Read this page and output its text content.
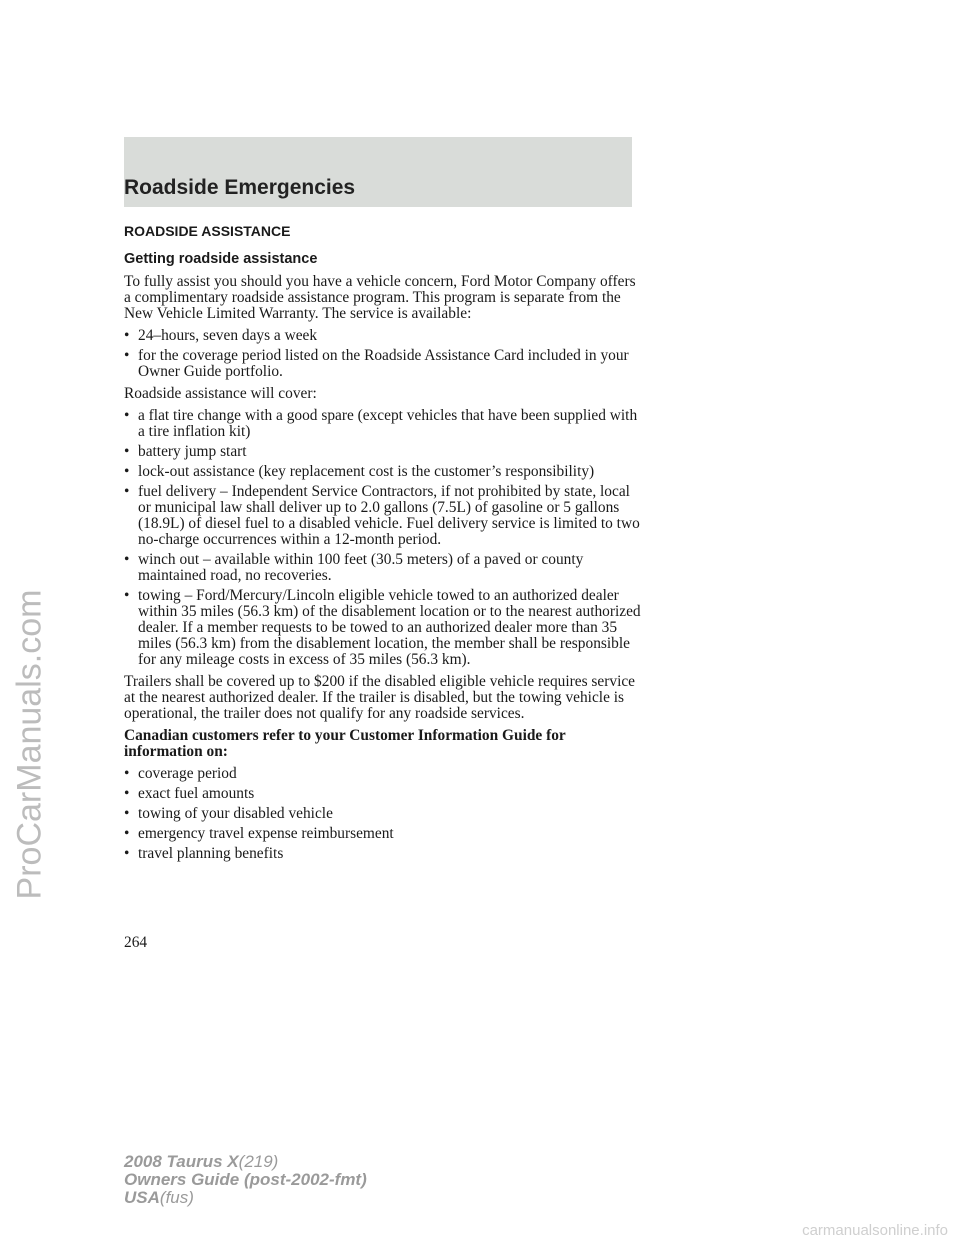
Roadside Emergencies
ROADSIDE ASSISTANCE
Getting roadside assistance

To fully assist you should you have a vehicle concern, Ford Motor Company offers a complimentary roadside assistance program. This program is separate from the New Vehicle Limited Warranty. The service is available:

• 24–hours, seven days a week
• for the coverage period listed on the Roadside Assistance Card included in your Owner Guide portfolio.

Roadside assistance will cover:

• a flat tire change with a good spare (except vehicles that have been supplied with a tire inflation kit)
• battery jump start
• lock-out assistance (key replacement cost is the customer’s responsibility)
• fuel delivery – Independent Service Contractors, if not prohibited by state, local or municipal law shall deliver up to 2.0 gallons (7.5L) of gasoline or 5 gallons (18.9L) of diesel fuel to a disabled vehicle. Fuel delivery service is limited to two no-charge occurrences within a 12-month period.
• winch out – available within 100 feet (30.5 meters) of a paved or county maintained road, no recoveries.
• towing – Ford/Mercury/Lincoln eligible vehicle towed to an authorized dealer within 35 miles (56.3 km) of the disablement location or to the nearest authorized dealer. If a member requests to be towed to an authorized dealer more than 35 miles (56.3 km) from the disablement location, the member shall be responsible for any mileage costs in excess of 35 miles (56.3 km).

Trailers shall be covered up to $200 if the disabled eligible vehicle requires service at the nearest authorized dealer. If the trailer is disabled, but the towing vehicle is operational, the trailer does not qualify for any roadside services.

Canadian customers refer to your Customer Information Guide for information on:
• coverage period
• exact fuel amounts
• towing of your disabled vehicle
• emergency travel expense reimbursement
• travel planning benefits
264
2008 Taurus X(219)
Owners Guide (post-2002-fmt)
USA(fus)
ProCarManuals.com
carmanualsonline.info
